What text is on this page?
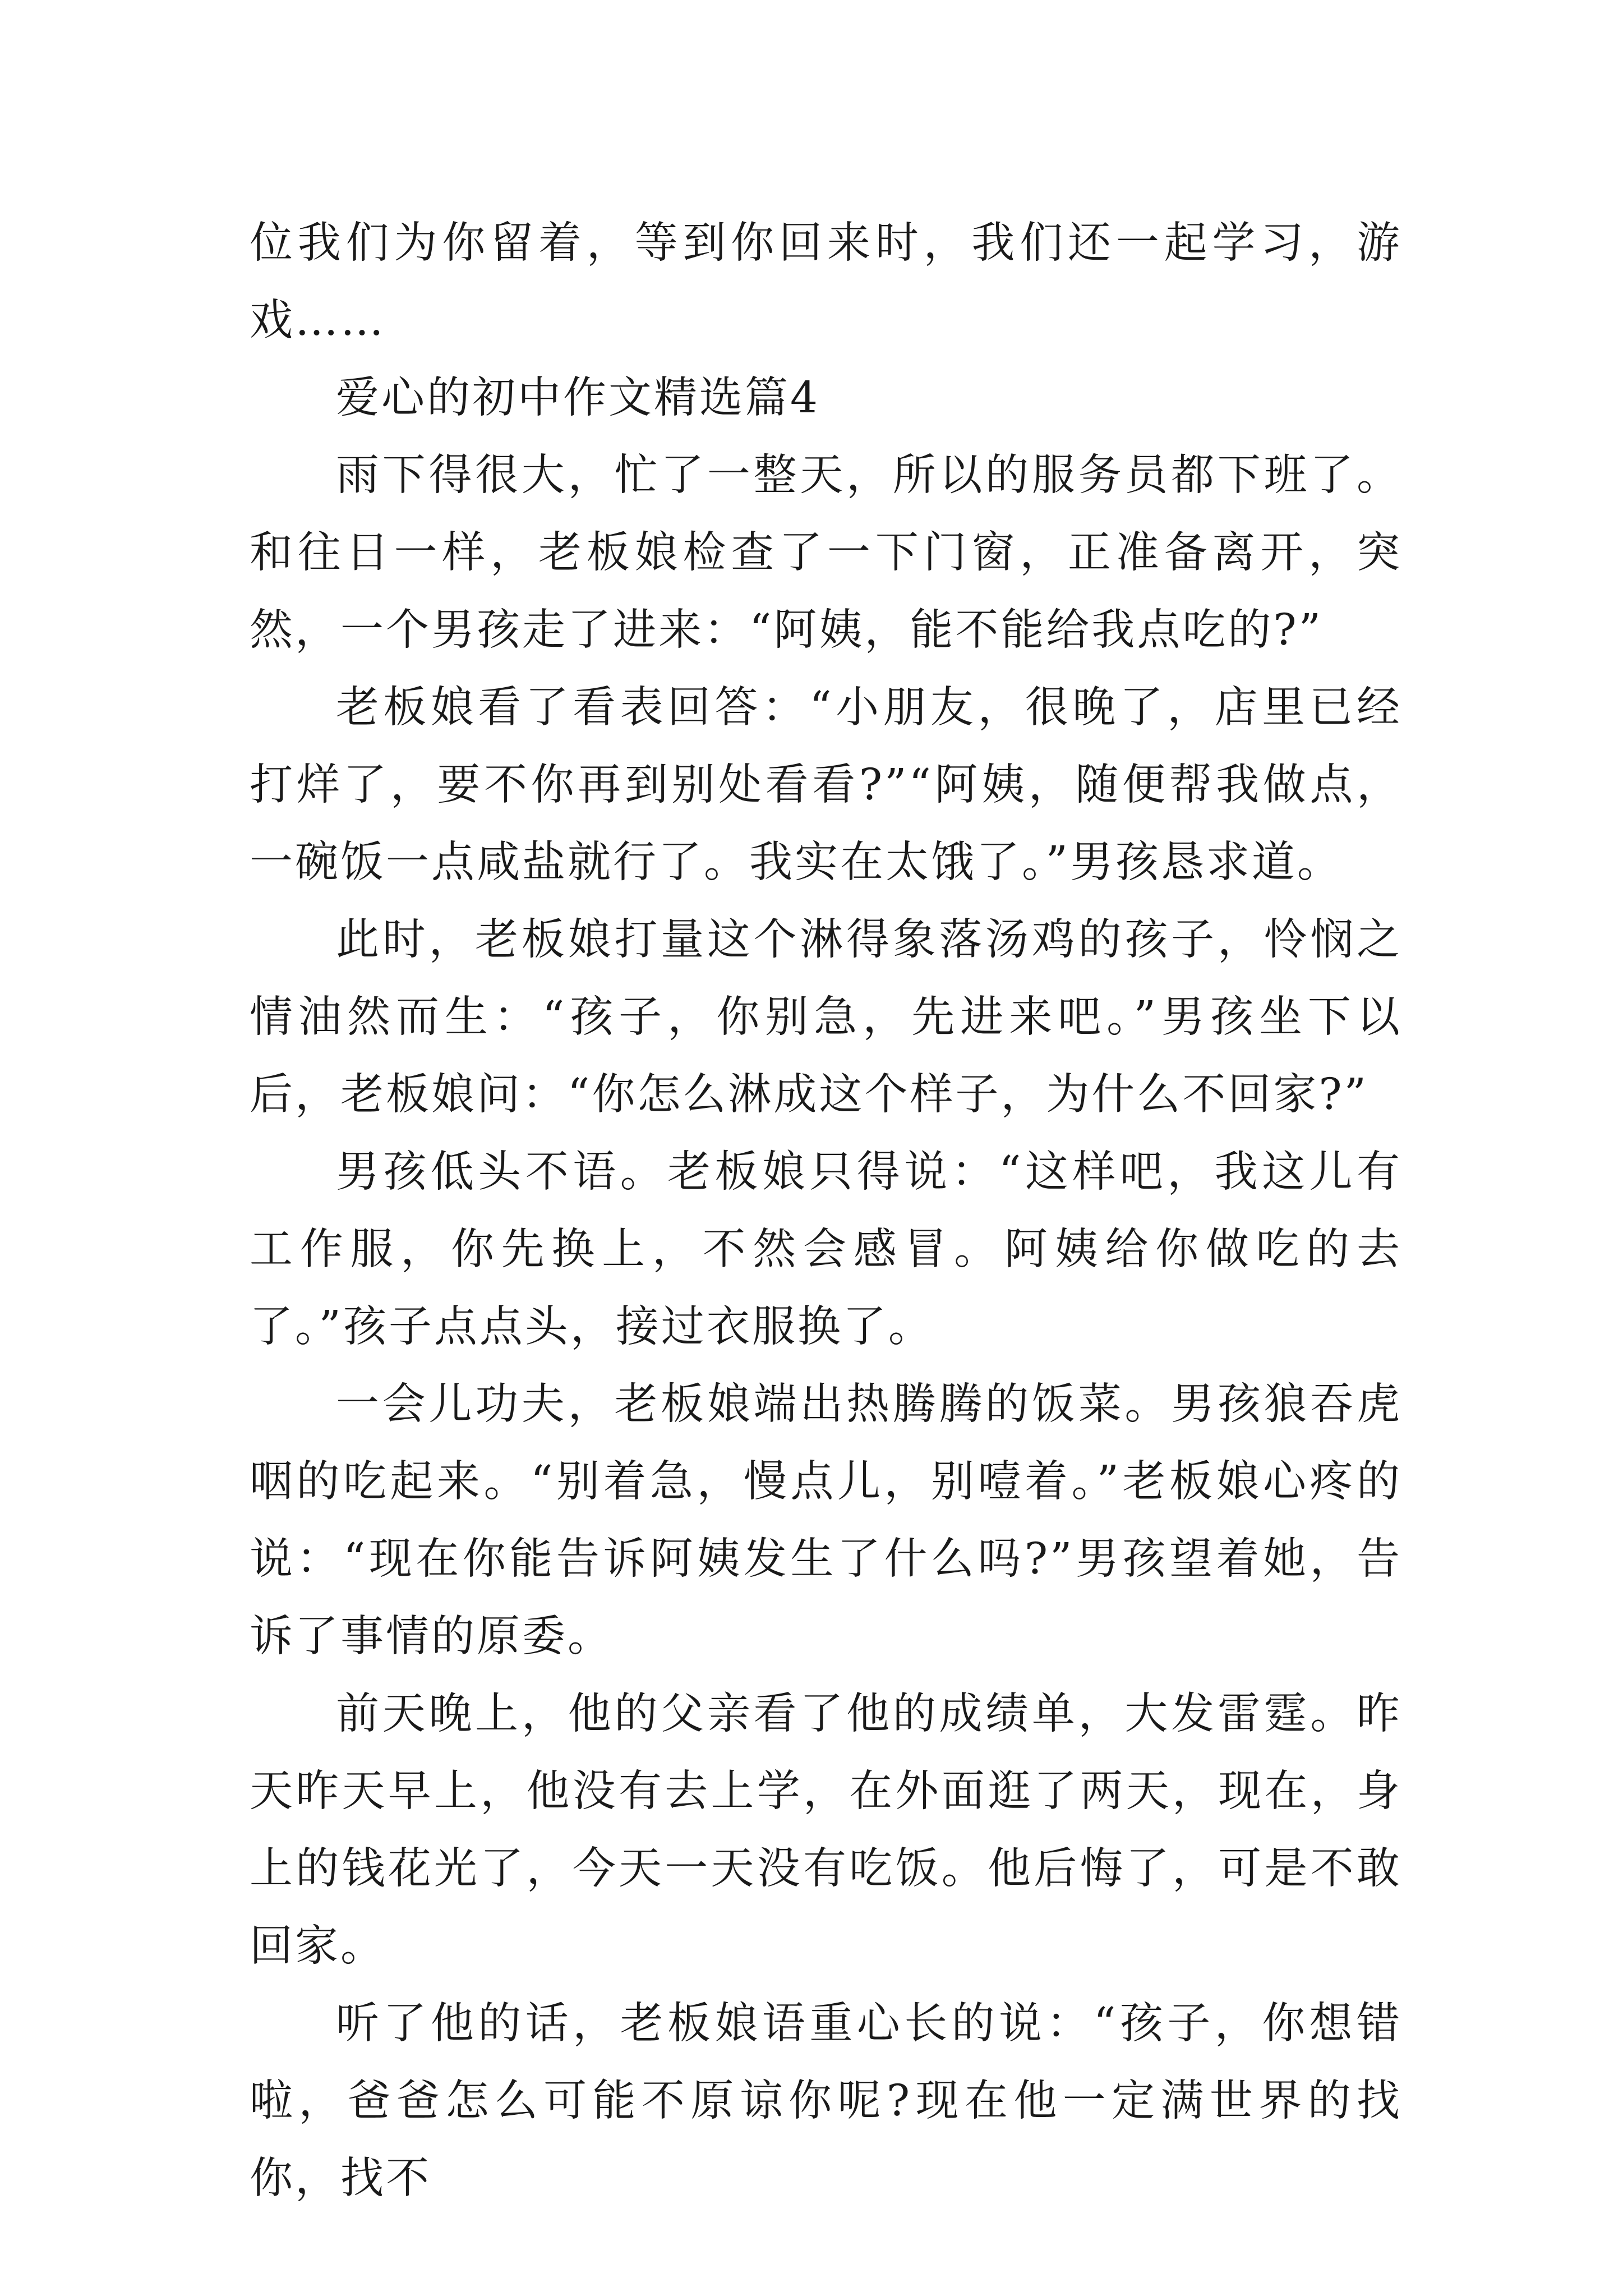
位我们为你留着，等到你回来时，我们还一起学习，游戏……

爱心的初中作文精选篇4

雨下得很大，忙了一整天，所以的服务员都下班了。和往日一样，老板娘检查了一下门窗，正准备离开，突然，一个男孩走了进来：“阿姨，能不能给我点吃的?”

老板娘看了看表回答：“小朋友，很晚了，店里已经打烊了，要不你再到别处看看?”“阿姨，随便帮我做点，一碗饭一点咸盐就行了。我实在太饿了。”男孩恳求道。

此时，老板娘打量这个淋得象落汤鸡的孩子，怜悯之情油然而生：“孩子，你别急，先进来吧。”男孩坐下以后，老板娘问：“你怎么淋成这个样子，为什么不回家?”

男孩低头不语。老板娘只得说：“这样吧，我这儿有工作服，你先换上，不然会感冒。阿姨给你做吃的去了。”孩子点点头，接过衣服换了。

一会儿功夫，老板娘端出热腾腾的饭菜。男孩狼吞虎咽的吃起来。“别着急，慢点儿，别噎着。”老板娘心疼的说：“现在你能告诉阿姨发生了什么吗?”男孩望着她，告诉了事情的原委。

前天晚上，他的父亲看了他的成绩单，大发雷霆。昨天昨天早上，他没有去上学，在外面逛了两天，现在，身上的钱花光了，今天一天没有吃饭。他后悔了，可是不敢回家。

听了他的话，老板娘语重心长的说：“孩子，你想错啦，爸爸怎么可能不原谅你呢?现在他一定满世界的找你，找不
